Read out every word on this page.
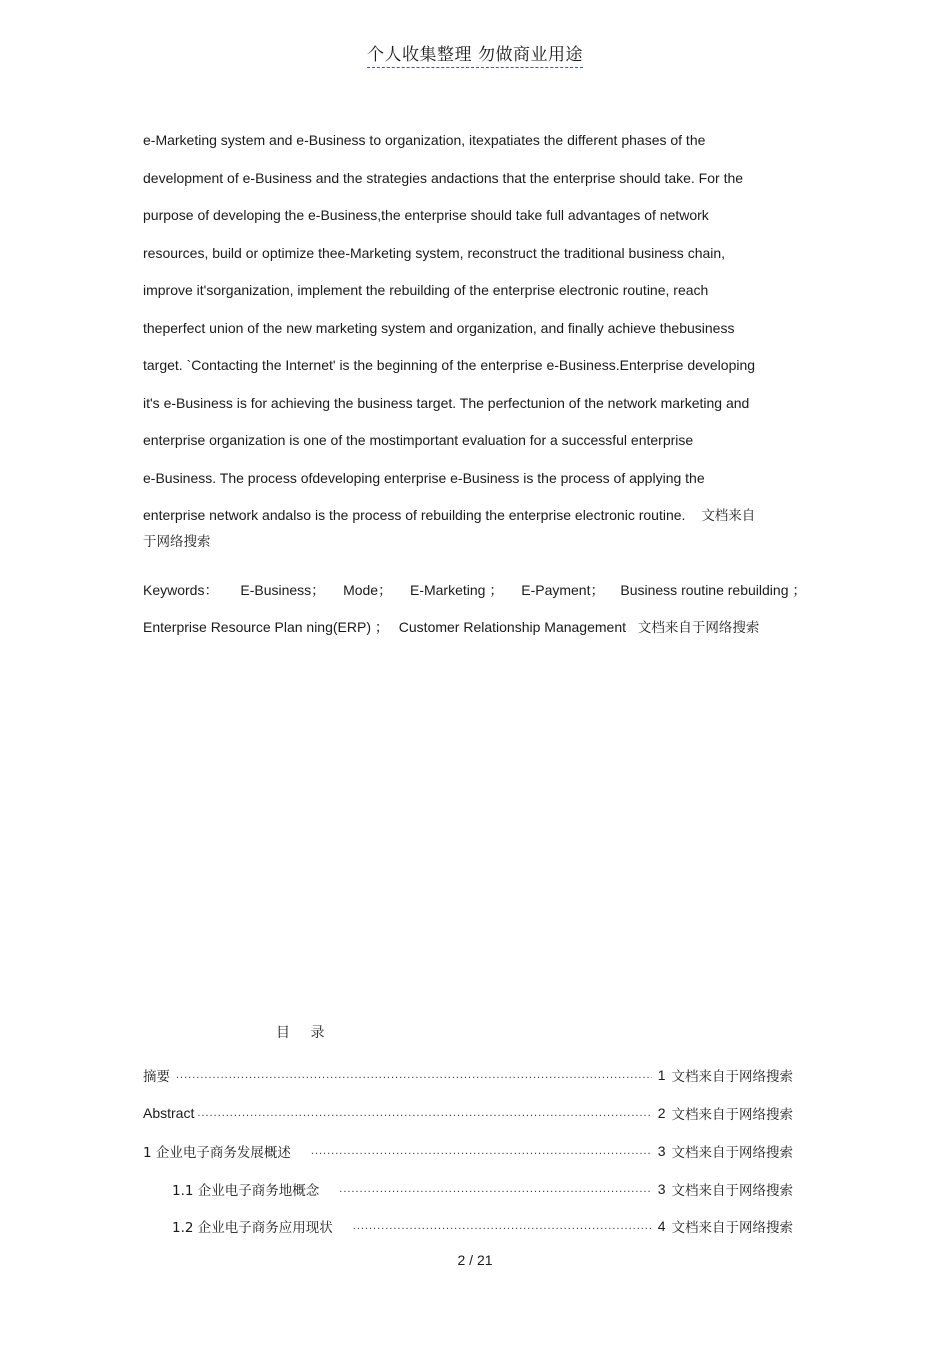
个人收集整理 勿做商业用途
e-Marketing system and e-Business to organization, itexpatiates the different phases of the
development of e-Business and the strategies andactions that the enterprise should take. For the
purpose of developing the e-Business,the enterprise should take full advantages of network
resources, build or optimize thee-Marketing system, reconstruct the traditional business chain,
improve it'sorganization, implement the rebuilding of the enterprise electronic routine, reach
theperfect union of the new marketing system and organization, and finally achieve thebusiness
target. `Contacting the Internet' is the beginning of the enterprise e-Business.Enterprise developing
it's e-Business is for achieving the business target. The perfectunion of the network marketing and
enterprise organization is one of the mostimportant evaluation for a successful enterprise
e-Business. The process ofdeveloping enterprise e-Business is the process of applying the
enterprise network andalso is the process of rebuilding the enterprise electronic routine. 文档来自
于网络搜索
Keywords： E-Business； Mode； E-Marketing ； E-Payment； Business routine rebuilding ；
Enterprise Resource Plan ning(ERP) ； Customer Relationship Management 文档来自于网络搜索
目 录
摘要 .....	1 文档来自于网络搜索
Abstract .....	2 文档来自于网络搜索
1 企业电子商务发展概述 .....	3 文档来自于网络搜索
1.1 企业电子商务地概念 .....	3 文档来自于网络搜索
1.2 企业电子商务应用现状 .....	4 文档来自于网络搜索
2 / 21
